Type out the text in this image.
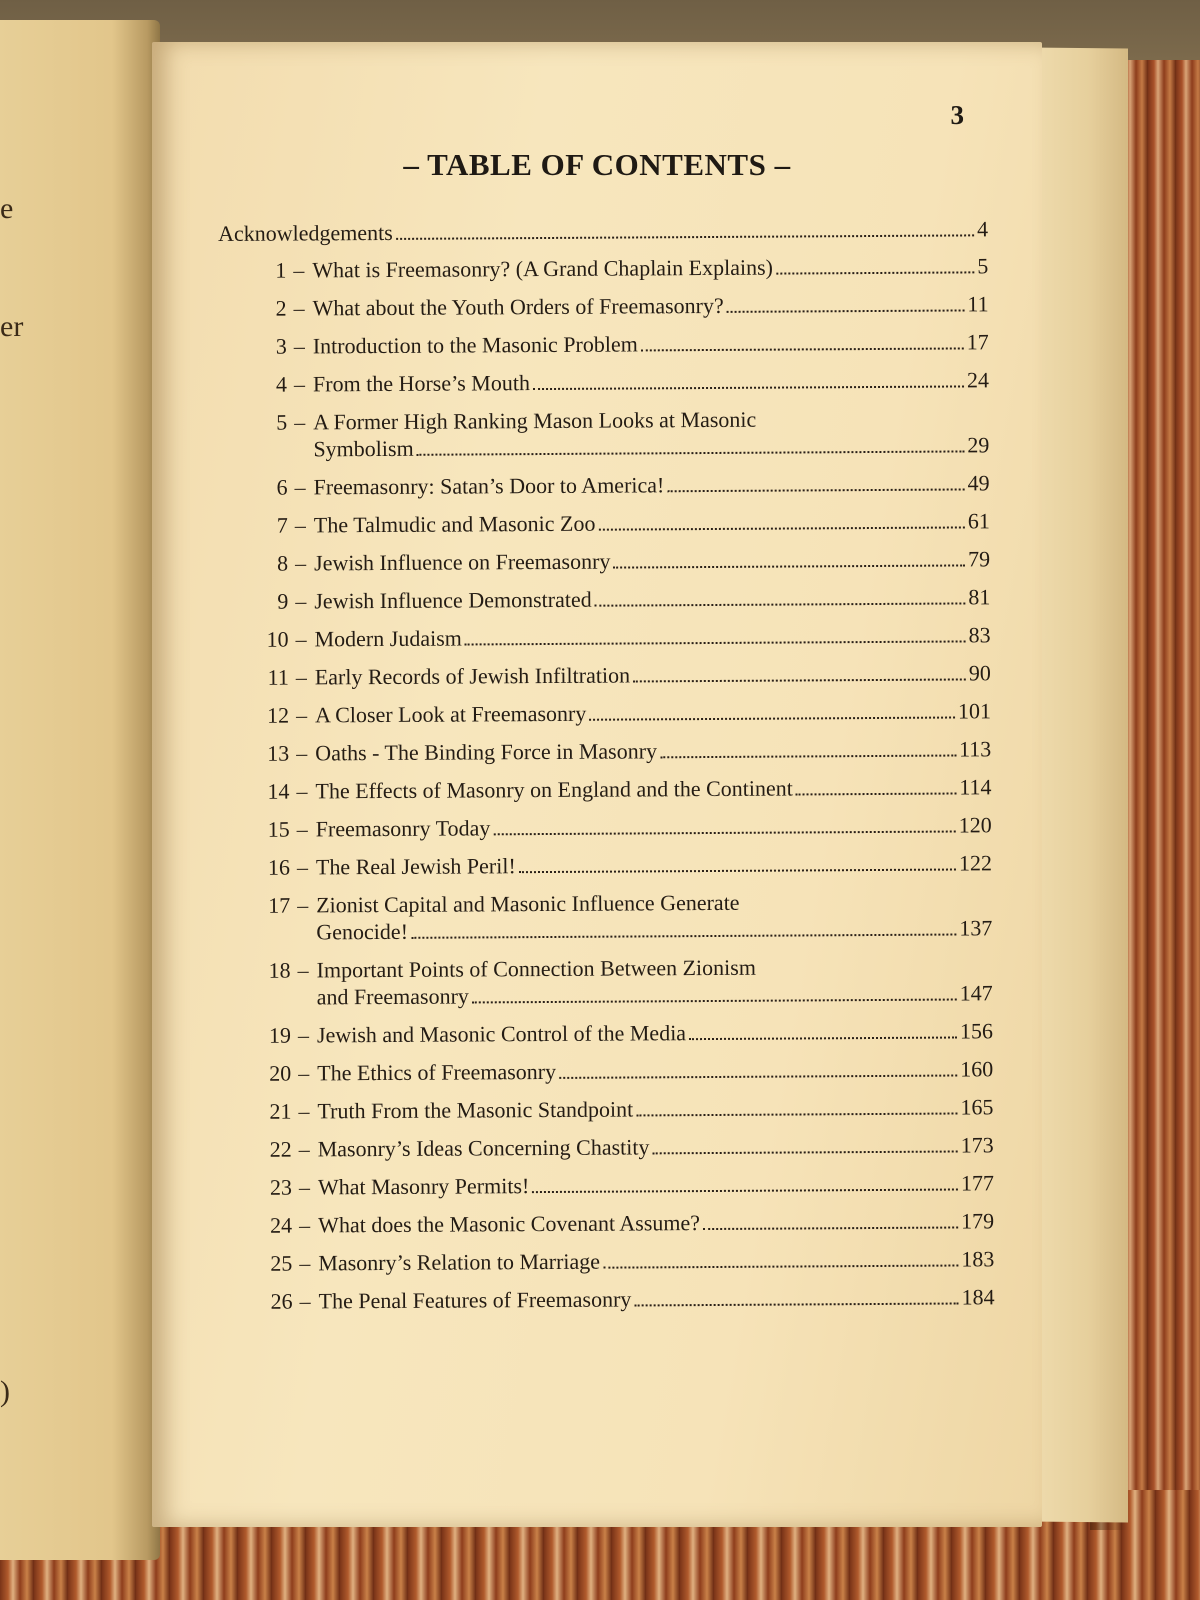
e
er
)
3
– TABLE OF CONTENTS –
Acknowledgements	4
1 – What is Freemasonry? (A Grand Chaplain Explains)	5
2 – What about the Youth Orders of Freemasonry?	11
3 – Introduction to the Masonic Problem	17
4 – From the Horse’s Mouth	24
5 – A Former High Ranking Mason Looks at Masonic
Symbolism	29
6 – Freemasonry: Satan’s Door to America!	49
7 – The Talmudic and Masonic Zoo	61
8 – Jewish Influence on Freemasonry	79
9 – Jewish Influence Demonstrated	81
10 – Modern Judaism	83
11 – Early Records of Jewish Infiltration	90
12 – A Closer Look at Freemasonry	101
13 – Oaths - The Binding Force in Masonry	113
14 – The Effects of Masonry on England and the Continent	114
15 – Freemasonry Today	120
16 – The Real Jewish Peril!	122
17 – Zionist Capital and Masonic Influence Generate
Genocide!	137
18 – Important Points of Connection Between Zionism
and Freemasonry	147
19 – Jewish and Masonic Control of the Media	156
20 – The Ethics of Freemasonry	160
21 – Truth From the Masonic Standpoint	165
22 – Masonry’s Ideas Concerning Chastity	173
23 – What Masonry Permits!	177
24 – What does the Masonic Covenant Assume?	179
25 – Masonry’s Relation to Marriage	183
26 – The Penal Features of Freemasonry	184
